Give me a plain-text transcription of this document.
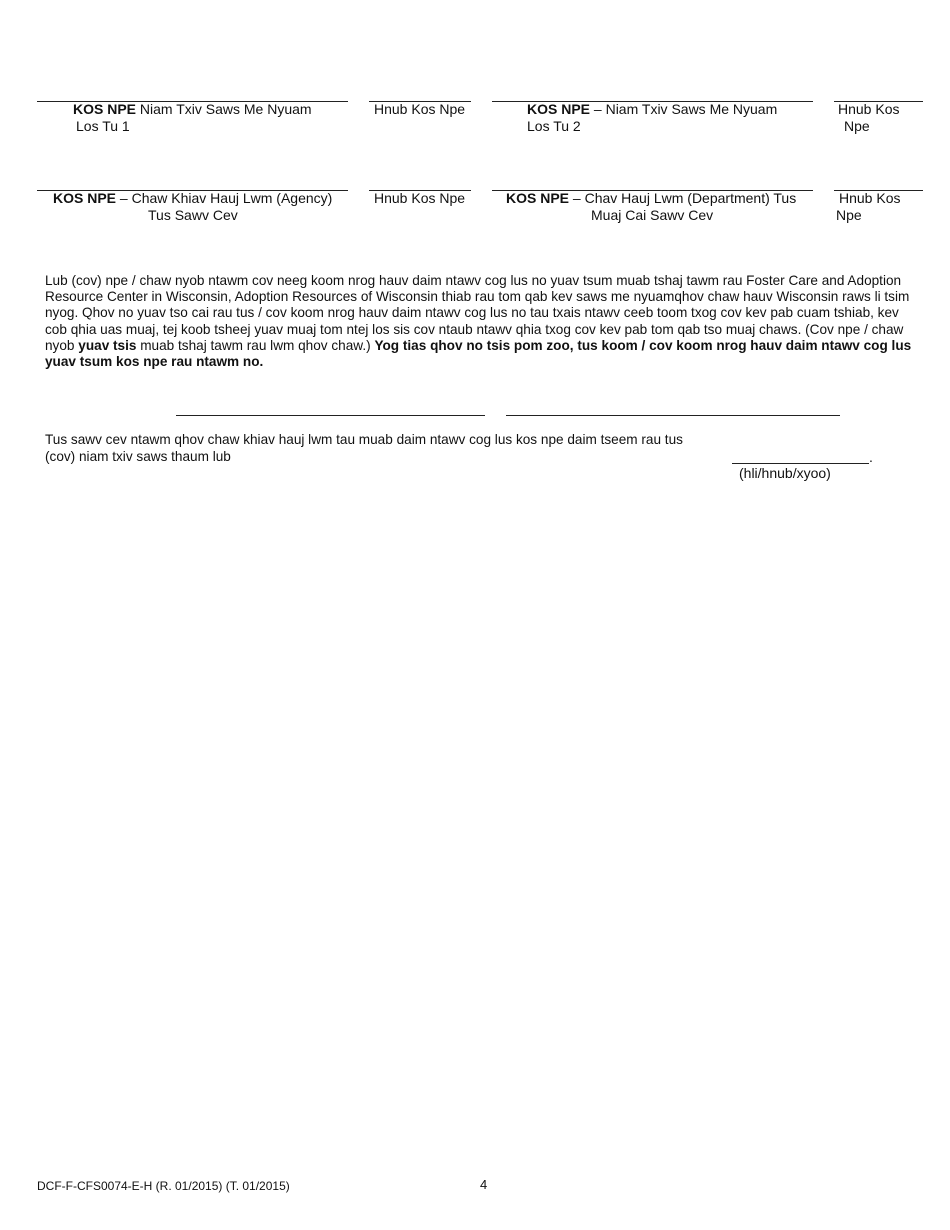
KOS NPE Niam Txiv Saws Me Nyuam
Los Tu 1
Hnub Kos Npe	KOS NPE – Niam Txiv Saws Me Nyuam
Los Tu 2
Hnub Kos
Npe
KOS NPE – Chaw Khiav Hauj Lwm (Agency)
Tus Sawv Cev
Hnub Kos Npe	KOS NPE – Chav Hauj Lwm (Department) Tus
Muaj Cai Sawv Cev
Hnub Kos
Npe
Lub (cov) npe / chaw nyob ntawm cov neeg koom nrog hauv daim ntawv cog lus no yuav tsum muab tshaj tawm rau Foster Care and Adoption Resource Center in Wisconsin, Adoption Resources of Wisconsin thiab rau tom qab kev saws me nyuamqhov chaw hauv Wisconsin raws li tsim nyog. Qhov no yuav tso cai rau tus / cov koom nrog hauv daim ntawv cog lus no tau txais ntawv ceeb toom txog cov kev pab cuam tshiab, kev cob qhia uas muaj, tej koob tsheej yuav muaj tom ntej los sis cov ntaub ntawv qhia txog cov kev pab tom qab tso muaj chaws. (Cov npe / chaw nyob yuav tsis muab tshaj tawm rau lwm qhov chaw.) Yog tias qhov no tsis pom zoo, tus koom / cov koom nrog hauv daim ntawv cog lus yuav tsum kos npe rau ntawm no.
Tus sawv cev ntawm qhov chaw khiav hauj lwm tau muab daim ntawv cog lus kos npe daim tseem rau tus
(cov) niam txiv saws thaum lub	.
(hli/hnub/xyoo)
DCF-F-CFS0074-E-H (R. 01/2015) (T. 01/2015)	4
